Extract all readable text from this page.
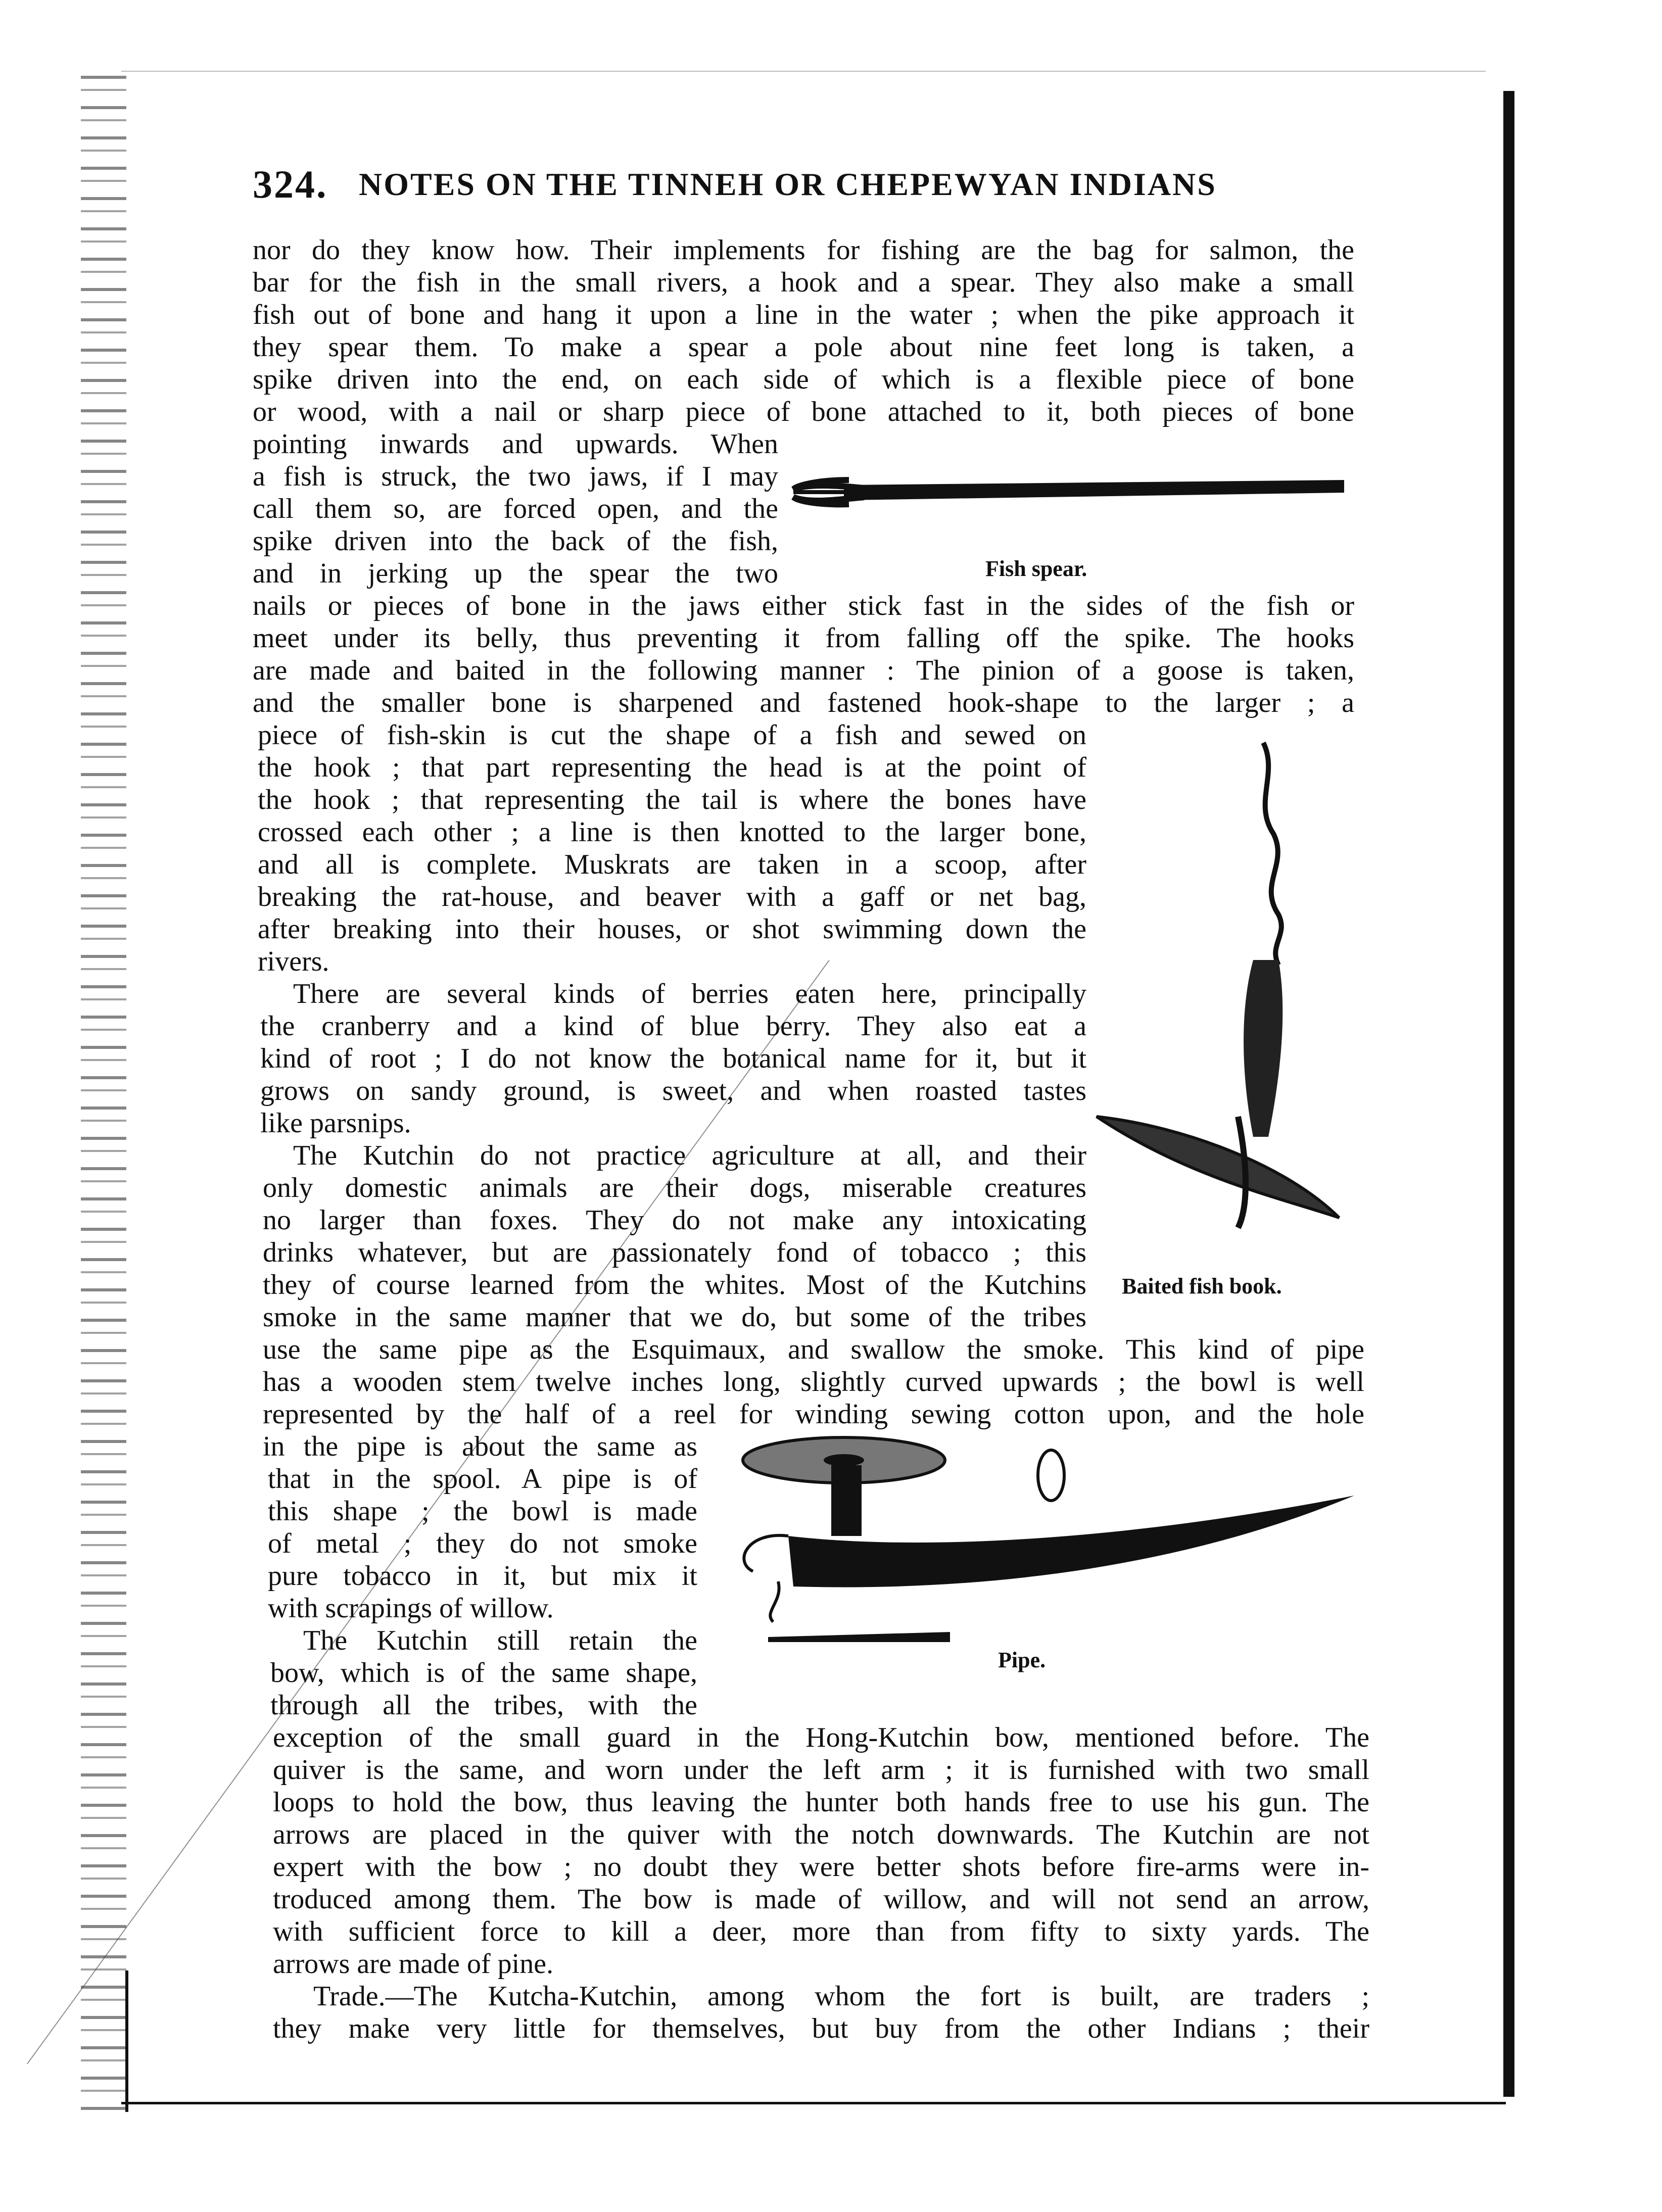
324. NOTES ON THE TINNEH OR CHEPEWYAN INDIANS
nor do they know how. Their implements for fishing are the bag for salmon, the
bar for the fish in the small rivers, a hook and a spear. They also make a small
fish out of bone and hang it upon a line in the water ; when the pike approach it
they spear them. To make a spear a pole about nine feet long is taken, a
spike driven into the end, on each side of which is a flexible piece of bone
or wood, with a nail or sharp piece of bone attached to it, both pieces of bone
pointing inwards and upwards. When
a fish is struck, the two jaws, if I may
call them so, are forced open, and the
spike driven into the back of the fish,
and in jerking up the spear the two
nails or pieces of bone in the jaws either stick fast in the sides of the fish or
meet under its belly, thus preventing it from falling off the spike. The hooks
are made and baited in the following manner : The pinion of a goose is taken,
and the smaller bone is sharpened and fastened hook-shape to the larger ; a
piece of fish-skin is cut the shape of a fish and sewed on
the hook ; that part representing the head is at the point of
the hook ; that representing the tail is where the bones have
crossed each other ; a line is then knotted to the larger bone,
and all is complete. Muskrats are taken in a scoop, after
breaking the rat-house, and beaver with a gaff or net bag,
after breaking into their houses, or shot swimming down the
rivers.
There are several kinds of berries eaten here, principally
the cranberry and a kind of blue berry. They also eat a
kind of root ; I do not know the botanical name for it, but it
grows on sandy ground, is sweet, and when roasted tastes
like parsnips.
The Kutchin do not practice agriculture at all, and their
only domestic animals are their dogs, miserable creatures
no larger than foxes. They do not make any intoxicating
drinks whatever, but are passionately fond of tobacco ; this
they of course learned from the whites. Most of the Kutchins
smoke in the same manner that we do, but some of the tribes
use the same pipe as the Esquimaux, and swallow the smoke. This kind of pipe
has a wooden stem twelve inches long, slightly curved upwards ; the bowl is well
represented by the half of a reel for winding sewing cotton upon, and the hole
in the pipe is about the same as
that in the spool. A pipe is of
this shape ; the bowl is made
of metal ; they do not smoke
pure tobacco in it, but mix it
with scrapings of willow.
The Kutchin still retain the
bow, which is of the same shape,
through all the tribes, with the
exception of the small guard in the Hong-Kutchin bow, mentioned before. The
quiver is the same, and worn under the left arm ; it is furnished with two small
loops to hold the bow, thus leaving the hunter both hands free to use his gun. The
arrows are placed in the quiver with the notch downwards. The Kutchin are not
expert with the bow ; no doubt they were better shots before fire-arms were in-
troduced among them. The bow is made of willow, and will not send an arrow,
with sufficient force to kill a deer, more than from fifty to sixty yards. The
arrows are made of pine.
Trade.—The Kutcha-Kutchin, among whom the fort is built, are traders ;
they make very little for themselves, but buy from the other Indians ; their
Fish spear.
Baited fish book.
Pipe.
